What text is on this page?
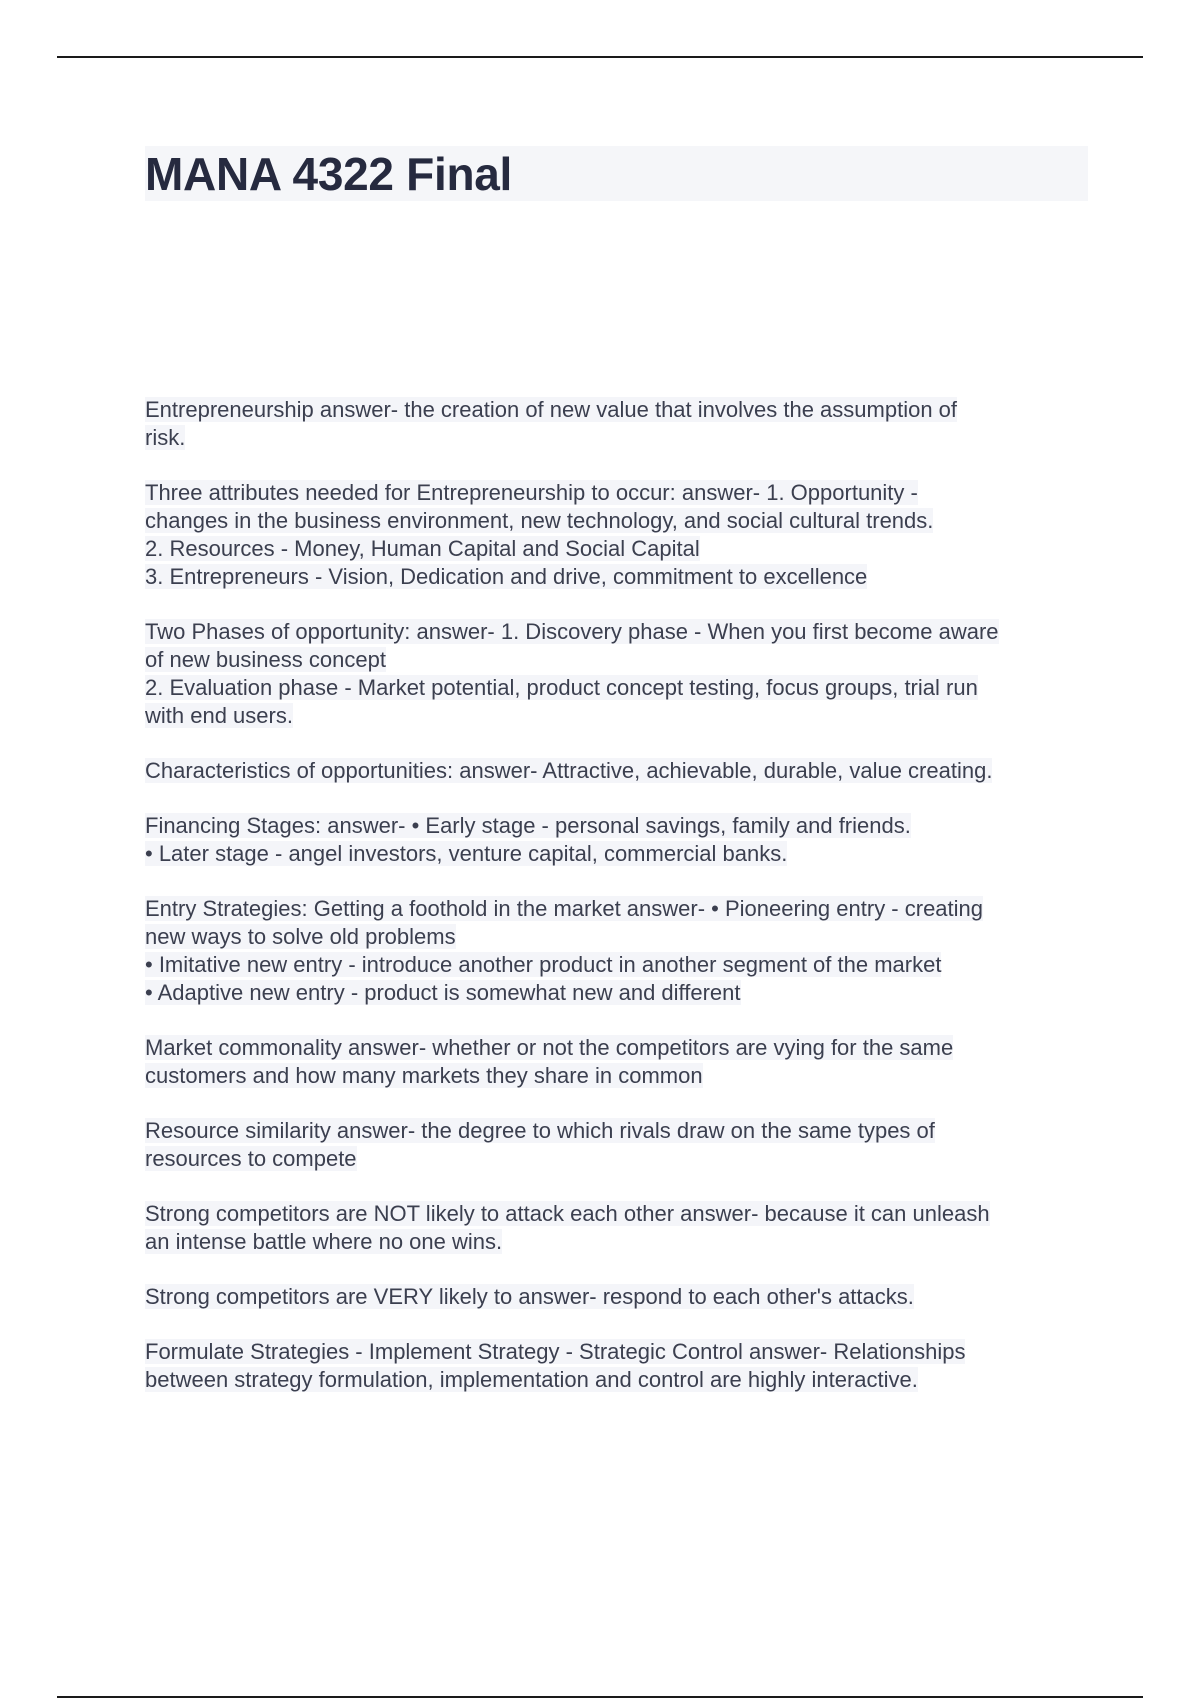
MANA 4322 Final
Entrepreneurship answer- the creation of new value that involves the assumption of
risk.
Three attributes needed for Entrepreneurship to occur: answer- 1. Opportunity -
changes in the business environment, new technology, and social cultural trends.
2. Resources - Money, Human Capital and Social Capital
3. Entrepreneurs - Vision, Dedication and drive, commitment to excellence
Two Phases of opportunity: answer- 1. Discovery phase - When you first become aware
of new business concept
2. Evaluation phase - Market potential, product concept testing, focus groups, trial run
with end users.
Characteristics of opportunities: answer- Attractive, achievable, durable, value creating.
Financing Stages: answer- • Early stage - personal savings, family and friends.
• Later stage - angel investors, venture capital, commercial banks.
Entry Strategies: Getting a foothold in the market answer- • Pioneering entry - creating
new ways to solve old problems
• Imitative new entry - introduce another product in another segment of the market
• Adaptive new entry - product is somewhat new and different
Market commonality answer- whether or not the competitors are vying for the same
customers and how many markets they share in common
Resource similarity answer- the degree to which rivals draw on the same types of
resources to compete
Strong competitors are NOT likely to attack each other answer- because it can unleash
an intense battle where no one wins.
Strong competitors are VERY likely to answer- respond to each other's attacks.
Formulate Strategies - Implement Strategy - Strategic Control answer- Relationships
between strategy formulation, implementation and control are highly interactive.
